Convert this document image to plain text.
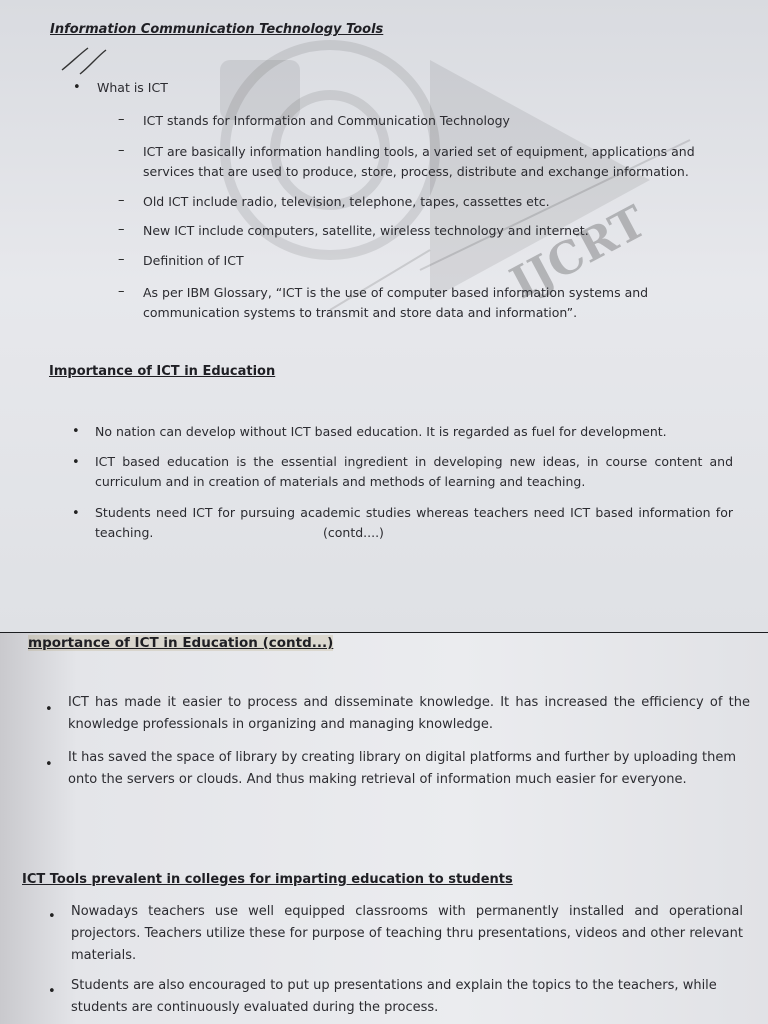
IJCRT
Information Communication Technology Tools
• What is ICT
– ICT stands for Information and Communication Technology
– ICT are basically information handling tools, a varied set of equipment, applications and services that are used to produce, store, process, distribute and exchange information.
– Old ICT include radio, television, telephone, tapes, cassettes etc.
– New ICT include computers, satellite, wireless technology and internet.
– Definition of ICT
– As per IBM Glossary, “ICT is the use of computer based information systems and communication systems to transmit and store data and information”.
Importance of ICT in Education
• No nation can develop without ICT based education. It is regarded as fuel for development.
• ICT based education is the essential ingredient in developing new ideas, in course content and curriculum and in creation of materials and methods of learning and teaching.
• Students need ICT for pursuing academic studies whereas teachers need ICT based information for teaching.	(contd....)
mportance of ICT in Education (contd...)
• ICT has made it easier to process and disseminate knowledge. It has increased the efficiency of the knowledge professionals in organizing and managing knowledge.
• It has saved the space of library by creating library on digital platforms and further by uploading them onto the servers or clouds. And thus making retrieval of information much easier for everyone.
ICT Tools prevalent in colleges for imparting education to students
• Nowadays teachers use well equipped classrooms with permanently installed and operational projectors. Teachers utilize these for purpose of teaching thru presentations, videos and other relevant materials.
• Students are also encouraged to put up presentations and explain the topics to the teachers, while students are continuously evaluated during the process.
